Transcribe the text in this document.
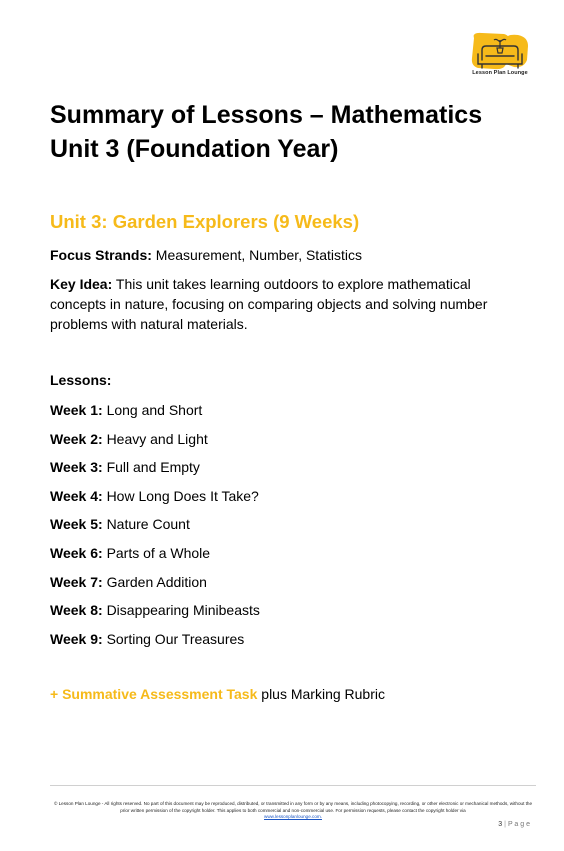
Lesson Plan Lounge
Summary of Lessons – Mathematics Unit 3 (Foundation Year)
Unit 3: Garden Explorers (9 Weeks)

Focus Strands: Measurement, Number, Statistics

Key Idea: This unit takes learning outdoors to explore mathematical concepts in nature, focusing on comparing objects and solving number problems with natural materials.

Lessons:
Week 1: Long and Short
Week 2: Heavy and Light
Week 3: Full and Empty
Week 4: How Long Does It Take?
Week 5: Nature Count
Week 6: Parts of a Whole
Week 7: Garden Addition
Week 8: Disappearing Minibeasts
Week 9: Sorting Our Treasures
+ Summative Assessment Task plus Marking Rubric
© Lesson Plan Lounge - All rights reserved. No part of this document may be reproduced, distributed, or transmitted in any form or by any means, including photocopying, recording, or other electronic or mechanical methods, without the prior written permission of the copyright holder. This applies to both commercial and non-commercial use. For permission requests, please contact the copyright holder via
www.lessonplanlounge.com.
3 | P a g e
